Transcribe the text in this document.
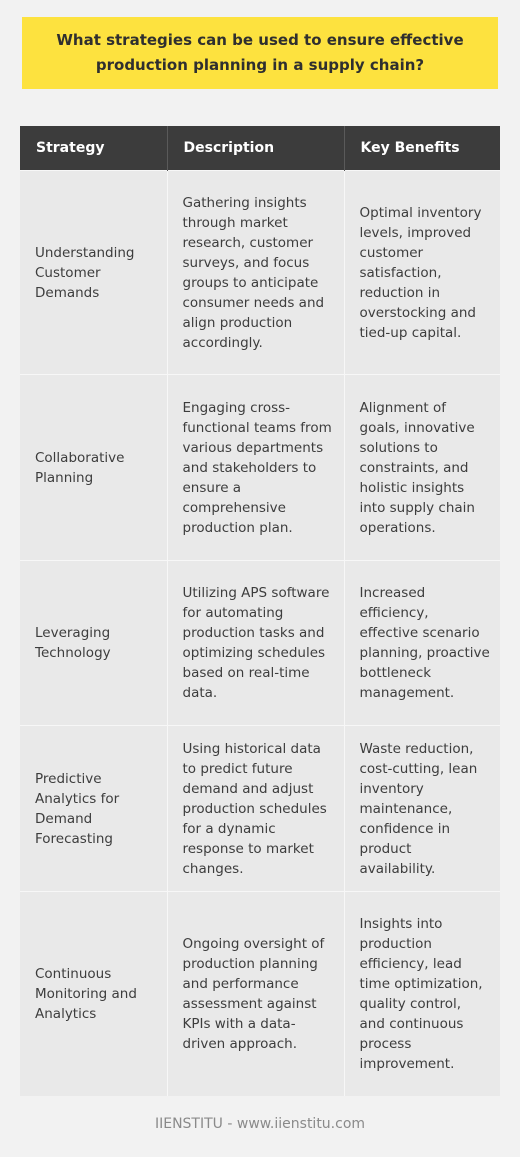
What strategies can be used to ensure effective production planning in a supply chain?
Strategy	Description	Key Benefits
Understanding Customer Demands	Gathering insights through market research, customer surveys, and focus groups to anticipate consumer needs and align production accordingly.	Optimal inventory levels, improved customer satisfaction, reduction in overstocking and tied-up capital.
Collaborative Planning	Engaging cross-functional teams from various departments and stakeholders to ensure a comprehensive production plan.	Alignment of goals, innovative solutions to constraints, and holistic insights into supply chain operations.
Leveraging Technology	Utilizing APS software for automating production tasks and optimizing schedules based on real-time data.	Increased efficiency, effective scenario planning, proactive bottleneck management.
Predictive Analytics for Demand Forecasting	Using historical data to predict future demand and adjust production schedules for a dynamic response to market changes.	Waste reduction, cost-cutting, lean inventory maintenance, confidence in product availability.
Continuous Monitoring and Analytics	Ongoing oversight of production planning and performance assessment against KPIs with a data-driven approach.	Insights into production efficiency, lead time optimization, quality control, and continuous process improvement.
IIENSTITU - www.iienstitu.com
